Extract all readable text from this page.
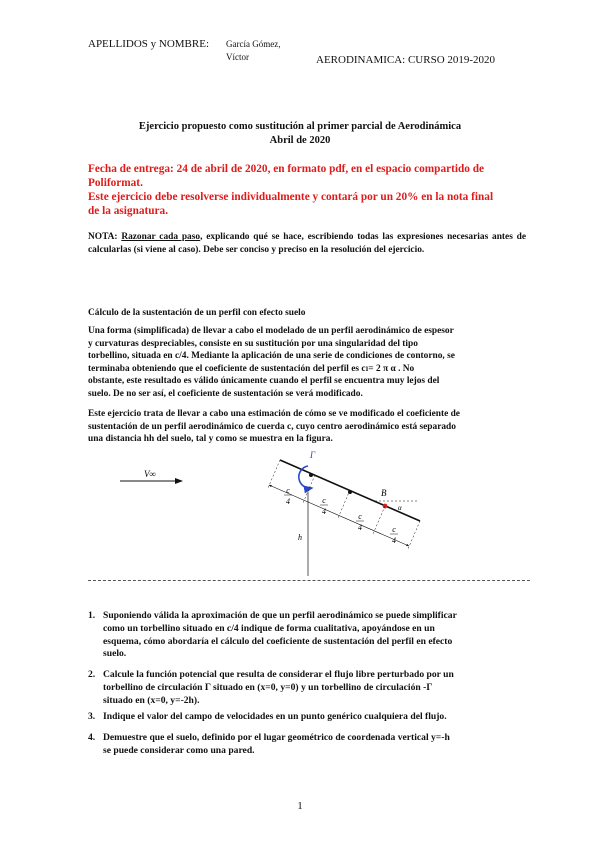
APELLIDOS y NOMBRE: García Gómez,
Víctor	AERODINAMICA: CURSO 2019-2020
Ejercicio propuesto como sustitución al primer parcial de Aerodinámica
Abril de 2020
Fecha de entrega: 24 de abril de 2020, en formato pdf, en el espacio compartido de
Poliformat.
Este ejercicio debe resolverse individualmente y contará por un 20% en la nota final
de la asignatura.
NOTA: Razonar cada paso, explicando qué se hace, escribiendo todas las expresiones necesarias antes de calcularlas (si viene al caso). Debe ser conciso y preciso en la resolución del ejercicio.
Cálculo de la sustentación de un perfil con efecto suelo
Una forma (simplificada) de llevar a cabo el modelado de un perfil aerodinámico de espesor
y curvaturas despreciables, consiste en su sustitución por una singularidad del tipo
torbellino, situada en c/4. Mediante la aplicación de una serie de condiciones de contorno, se
terminaba obteniendo que el coeficiente de sustentación del perfil es cₗ= 2 π α . No
obstante, este resultado es válido únicamente cuando el perfil se encuentra muy lejos del
suelo. De no ser así, el coeficiente de sustentación se verá modificado.
Este ejercicio trata de llevar a cabo una estimación de cómo se ve modificado el coeficiente de
sustentación de un perfil aerodinámico de cuerda c, cuyo centro aerodinámico está separado
una distancia hh del suelo, tal y como se muestra en la figura.
V∞
α
Γ
B
c
4	c
4
c
4	c
4
h
1. Suponiendo válida la aproximación de que un perfil aerodinámico se puede simplificar
como un torbellino situado en c/4 indique de forma cualitativa, apoyándose en un
esquema, cómo abordaría el cálculo del coeficiente de sustentación del perfil en efecto
suelo.
2. Calcule la función potencial que resulta de considerar el flujo libre perturbado por un
torbellino de circulación Γ situado en (x=0, y=0) y un torbellino de circulación -Γ
situado en (x=0, y=-2h).
3. Indique el valor del campo de velocidades en un punto genérico cualquiera del flujo.
4. Demuestre que el suelo, definido por el lugar geométrico de coordenada vertical y=-h
se puede considerar como una pared.
1
